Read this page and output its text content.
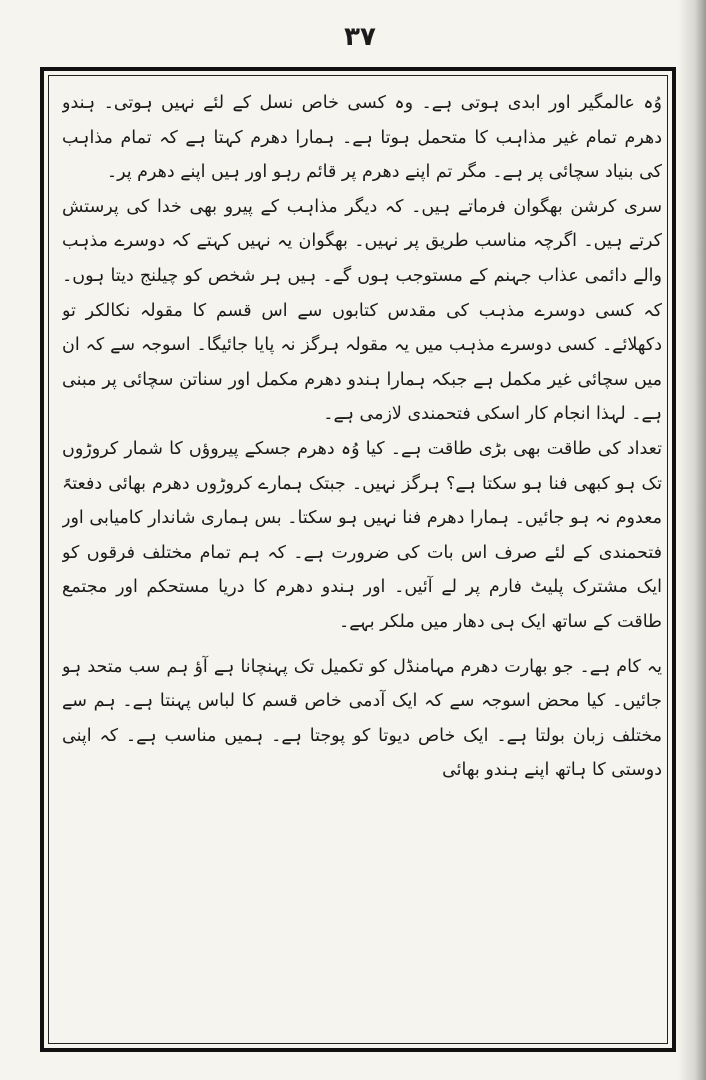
۳۷

وُہ عالمگیر اور ابدی ہوتی ہے۔ وہ کسی خاص نسل کے لئے نہیں ہوتی۔ ہندو دھرم تمام غیر مذاہب کا متحمل ہوتا ہے۔ ہمارا دھرم کہتا ہے کہ تمام مذاہب کی بنیاد سچائی پر ہے۔ مگر تم اپنے دھرم پر قائم رہو اور ہیں اپنے دھرم پر۔

سری کرشن بھگوان فرماتے ہیں۔ کہ دیگر مذاہب کے پیرو بھی خدا کی پرستش کرتے ہیں۔ اگرچہ مناسب طریق پر نہیں۔ بھگوان یہ نہیں کہتے کہ دوسرے مذہب والے دائمی عذاب جہنم کے مستوجب ہوں گے۔ ہیں ہر شخص کو چیلنج دیتا ہوں۔ کہ کسی دوسرے مذہب کی مقدس کتابوں سے اس قسم کا مقولہ نکالکر تو دکھلائے۔ کسی دوسرے مذہب میں یہ مقولہ ہرگز نہ پایا جائیگا۔ اسوجہ سے کہ ان میں سچائی غیر مکمل ہے جبکہ ہمارا ہندو دھرم مکمل اور سناتن سچائی پر مبنی ہے۔ لہذا انجام کار اسکی فتحمندی لازمی ہے۔

تعداد کی طاقت بھی بڑی طاقت ہے۔ کیا وُہ دھرم جسکے پیروؤں کا شمار کروڑوں تک ہو کبھی فنا ہو سکتا ہے؟ ہرگز نہیں۔ جبتک ہمارے کروڑوں دھرم بھائی دفعتہً معدوم نہ ہو جائیں۔ ہمارا دھرم فنا نہیں ہو سکتا۔ بس ہماری شاندار کامیابی اور فتحمندی کے لئے صرف اس بات کی ضرورت ہے۔ کہ ہم تمام مختلف فرقوں کو ایک مشترک پلیٹ فارم پر لے آئیں۔ اور ہندو دھرم کا دریا مستحکم اور مجتمع طاقت کے ساتھ ایک ہی دھار میں ملکر بہے۔

یہ کام ہے۔ جو بھارت دھرم مہامنڈل کو تکمیل تک پہنچانا ہے آؤ ہم سب متحد ہو جائیں۔ کیا محض اسوجہ سے کہ ایک آدمی خاص قسم کا لباس پہنتا ہے۔ ہم سے مختلف زبان بولتا ہے۔ ایک خاص دیوتا کو پوجتا ہے۔ ہمیں مناسب ہے۔ کہ اپنی دوستی کا ہاتھ اپنے ہندو بھائی
